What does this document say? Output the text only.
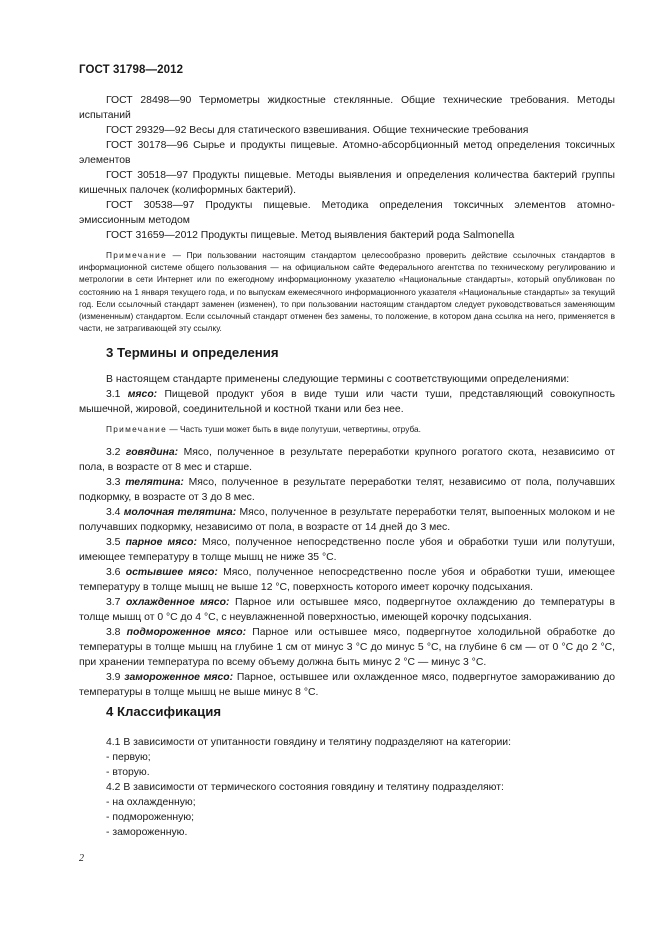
ГОСТ 31798—2012

ГОСТ 28498—90 Термометры жидкостные стеклянные. Общие технические требования. Методы испытаний

ГОСТ 29329—92 Весы для статического взвешивания. Общие технические требования

ГОСТ 30178—96 Сырье и продукты пищевые. Атомно-абсорбционный метод определения токсичных элементов

ГОСТ 30518—97 Продукты пищевые. Методы выявления и определения количества бактерий группы кишечных палочек (колиформных бактерий).

ГОСТ 30538—97 Продукты пищевые. Методика определения токсичных элементов атомно-эмиссионным методом

ГОСТ 31659—2012 Продукты пищевые. Метод выявления бактерий рода Salmonella

Примечание — При пользовании настоящим стандартом целесообразно проверить действие ссылочных стандартов в информационной системе общего пользования — на официальном сайте Федерального агентства по техническому регулированию и метрологии в сети Интернет или по ежегодному информационному указателю «Национальные стандарты», который опубликован по состоянию на 1 января текущего года, и по выпускам ежемесячного информационного указателя «Национальные стандарты» за текущий год. Если ссылочный стандарт заменен (изменен), то при пользовании настоящим стандартом следует руководствоваться заменяющим (измененным) стандартом. Если ссылочный стандарт отменен без замены, то положение, в котором дана ссылка на него, применяется в части, не затрагивающей эту ссылку.

3 Термины и определения

В настоящем стандарте применены следующие термины с соответствующими определениями:

3.1 мясо: Пищевой продукт убоя в виде туши или части туши, представляющий совокупность мышечной, жировой, соединительной и костной ткани или без нее.

Примечание — Часть туши может быть в виде полутуши, четвертины, отруба.

3.2 говядина: Мясо, полученное в результате переработки крупного рогатого скота, независимо от пола, в возрасте от 8 мес и старше.

3.3 телятина: Мясо, полученное в результате переработки телят, независимо от пола, получавших подкормку, в возрасте от 3 до 8 мес.

3.4 молочная телятина: Мясо, полученное в результате переработки телят, выпоенных молоком и не получавших подкормку, независимо от пола, в возрасте от 14 дней до 3 мес.

3.5 парное мясо: Мясо, полученное непосредственно после убоя и обработки туши или полутуши, имеющее температуру в толще мышц не ниже 35 °С.

3.6 остывшее мясо: Мясо, полученное непосредственно после убоя и обработки туши, имеющее температуру в толще мышц не выше 12 °С, поверхность которого имеет корочку подсыхания.

3.7 охлажденное мясо: Парное или остывшее мясо, подвергнутое охлаждению до температуры в толще мышц от 0 °С до 4 °С, с неувлажненной поверхностью, имеющей корочку подсыхания.

3.8 подмороженное мясо: Парное или остывшее мясо, подвергнутое холодильной обработке до температуры в толще мышц на глубине 1 см от минус 3 °С до минус 5 °С, на глубине 6 см — от 0 °С до 2 °С, при хранении температура по всему объему должна быть минус 2 °С — минус 3 °С.

3.9 замороженное мясо: Парное, остывшее или охлажденное мясо, подвергнутое замораживанию до температуры в толще мышц не выше минус 8 °С.

4 Классификация
4.1 В зависимости от упитанности говядину и телятину подразделяют на категории:
- первую;
- вторую.
4.2 В зависимости от термического состояния говядину и телятину подразделяют:
- на охлажденную;
- подмороженную;
- замороженную.
2
